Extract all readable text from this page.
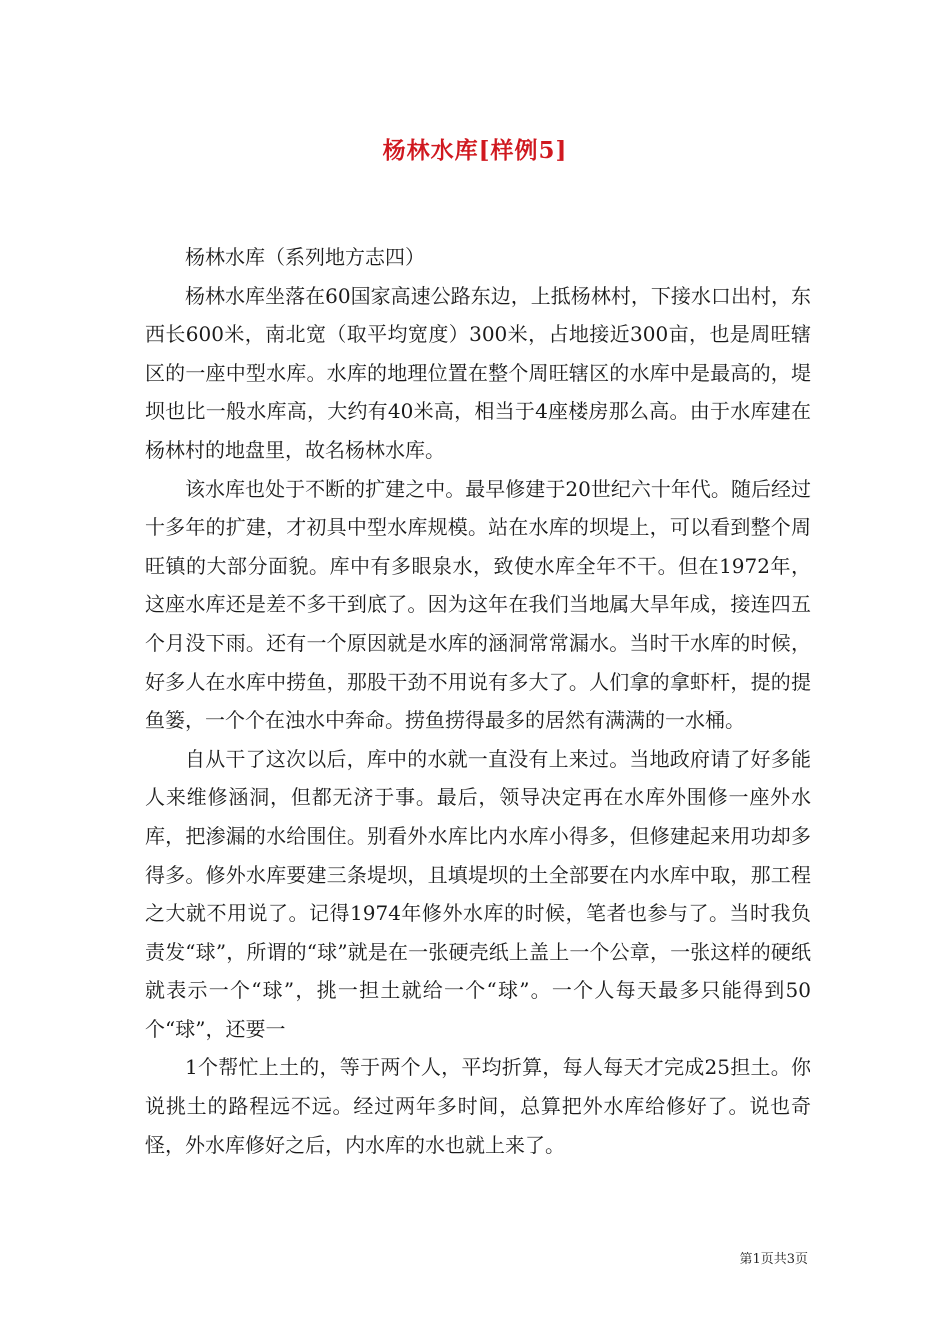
杨林水库[样例5]

杨林水库（系列地方志四）

杨林水库坐落在60国家高速公路东边，上抵杨林村，下接水口出村，东西长600米，南北宽（取平均宽度）300米，占地接近300亩，也是周旺辖区的一座中型水库。水库的地理位置在整个周旺辖区的水库中是最高的，堤坝也比一般水库高，大约有40米高，相当于4座楼房那么高。由于水库建在杨林村的地盘里，故名杨林水库。

该水库也处于不断的扩建之中。最早修建于20世纪六十年代。随后经过十多年的扩建，才初具中型水库规模。站在水库的坝堤上，可以看到整个周旺镇的大部分面貌。库中有多眼泉水，致使水库全年不干。但在1972年，这座水库还是差不多干到底了。因为这年在我们当地属大旱年成，接连四五个月没下雨。还有一个原因就是水库的涵洞常常漏水。当时干水库的时候，好多人在水库中捞鱼，那股干劲不用说有多大了。人们拿的拿虾杆，提的提鱼篓，一个个在浊水中奔命。捞鱼捞得最多的居然有满满的一水桶。

自从干了这次以后，库中的水就一直没有上来过。当地政府请了好多能人来维修涵洞，但都无济于事。最后，领导决定再在水库外围修一座外水库，把渗漏的水给围住。别看外水库比内水库小得多，但修建起来用功却多得多。修外水库要建三条堤坝，且填堤坝的土全部要在内水库中取，那工程之大就不用说了。记得1974年修外水库的时候，笔者也参与了。当时我负责发“球”，所谓的“球”就是在一张硬壳纸上盖上一个公章，一张这样的硬纸就表示一个“球”，挑一担土就给一个“球”。一个人每天最多只能得到50个“球”，还要一

1个帮忙上土的，等于两个人，平均折算，每人每天才完成25担土。你说挑土的路程远不远。经过两年多时间，总算把外水库给修好了。说也奇怪，外水库修好之后，内水库的水也就上来了。

第1页共3页
